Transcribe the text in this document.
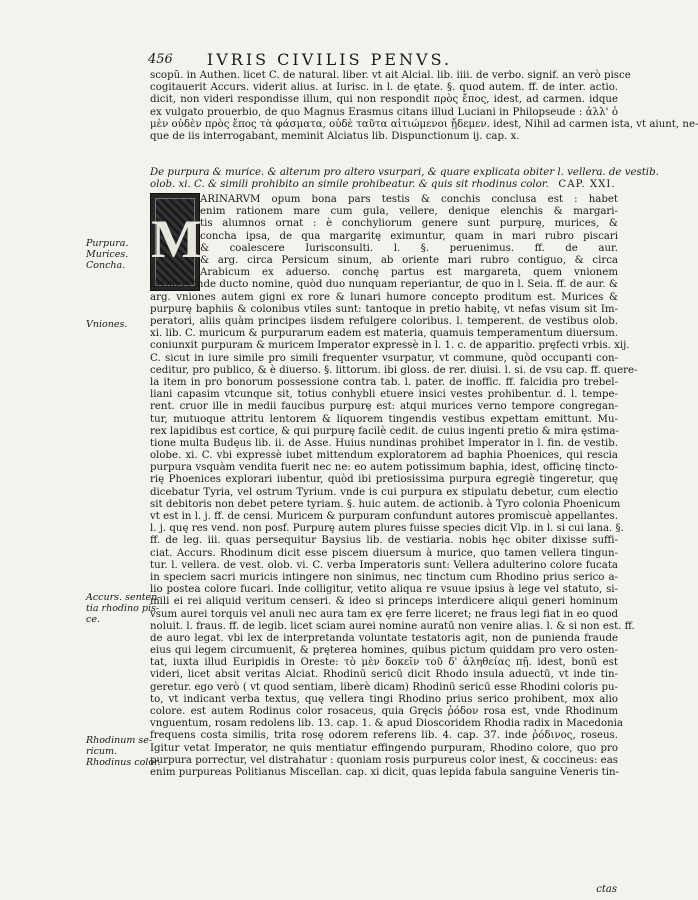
456	IVRIS CIVILIS PENVS.
scopũ. in Authen. licet C. de natural. liber. vt ait Alcial. lib. iiii. de verbo. signif. an verò pisce
cogitauerit Accurs. viderit alius. at Iurisc. in l. de ętate. §. quod autem. ff. de inter. actio.
dicit, non videri respondisse illum, qui non respondit πρὸς ἔπος, idest, ad carmen. idque
ex vulgato prouerbio, de quo Magnus Erasmus citans illud Luciani in Philopseude : ἀλλ' ὁ
μὲν οὐδὲν πρὸς ἔπος τὰ φάσματα, οὐδὲ ταῦτα αἰτιώμενοι ᾔδεμεν. idest, Nihil ad carmen ista, vt aiunt, ne-
que de iis interrogabant, meminit Alciatus lib. Dispunctionum ij. cap. x.
De purpura & murice. & alterum pro altero vsurpari, & quare explicata obiter l. vellera. de vestib.
olob. xi. C. & simili prohibito an simile prohibeatur. & quis sit rhodinus color. CAP. XXI.
M
ARINARVM opum bona pars testis & conchis conclusa est : habet
enim rationem mare cum gula, vellere, denique elenchis & margari-
tis alumnos ornat : è conchyliorum genere sunt purpurę, murices, &
concha ipsa, de qua margaritę eximuntur, quam in mari rubro piscari
& coalescere Iurisconsulti. l. §. peruenimus. ff. de aur.
& arg. circa Persicum sinum, ab oriente mari rubro contiguo, & circa
Arabicum ex aduerso. conchę partus est margareta, quem vnionem
diximus inde ducto nomine, quòd duo nunquam reperiantur, de quo in l. Seia. ff. de aur. &
arg. vniones autem gigni ex rore & lunari humore concepto proditum est. Murices &
purpurę baphiis & colonibus vtiles sunt: tantoque in pretio habitę, vt nefas visum sit Im-
peratori, aliis quàm principes iisdem refulgere coloribus. l. temperent. de vestibus olob.
xi. lib. C. muricum & purpurarum eadem est materia, quamuis temperamentum diuersum.
coniunxit purpuram & muricem Imperator expressè in l. 1. c. de apparitio. pręfecti vrbis. xij.
C. sicut in iure simile pro simili frequenter vsurpatur, vt commune, quòd occupanti con-
ceditur, pro publico, & è diuerso. §. littorum. ibi gloss. de rer. diuisi. l. si. de vsu cap. ff. quere-
la item in pro bonorum possessione contra tab. l. pater. de inoffic. ff. falcidia pro trebel-
liani capasim vtcunque sit, totius conhybli etuere insici vestes prohibentur. d. l. tempe-
rent. cruor ille in medii faucibus purpurę est: atqui murices verno tempore congregan-
tur, mutuoque attritu lentorem & liquorem tingendis vestibus expettam emittunt. Mu-
rex lapidibus est cortice, & qui purpurę facilè cedit. de cuius ingenti pretio & mira ęstima-
tione multa Budęus lib. ii. de Asse. Huius nundinas prohibet Imperator in l. fin. de vestib.
olobe. xi. C. vbi expressè iubet mittendum exploratorem ad baphia Phoenices, qui rescia
purpura vsquàm vendita fuerit nec ne: eo autem potissimum baphia, idest, officinę tincto-
rię Phoenices explorari iubentur, quòd ibi pretiosissima purpura egregiè tingeretur, quę
dicebatur Tyria, vel ostrum Tyrium. vnde is cui purpura ex stipulatu debetur, cum electio
sit debitoris non debet petere tyriam. §. huic autem. de actionib. à Tyro colonia Phoenicum
vt est in l. j. ff. de censi. Muricem & purpuram confundunt autores promiscuè appellantes.
l. j. quę res vend. non posf. Purpurę autem plures fuisse species dicit Vlp. in l. si cui lana. §.
ff. de leg. iii. quas persequitur Baysius lib. de vestiaria. nobis hęc obiter dixisse suffi-
ciat. Accurs. Rhodinum dicit esse piscem diuersum à murice, quo tamen vellera tingun-
tur. l. vellera. de vest. olob. vi. C. verba Imperatoris sunt: Vellera adulterino colore fucata
in speciem sacri muricis intingere non sinimus, nec tinctum cum Rhodino prius serico a-
lio postea colore fucari. Inde colligitur, vetito aliqua re vsuue ipsius à lege vel statuto, si-
mili ei rei aliquid veritum censeri. & ideo si princeps interdicere aliqui generi hominum
vsum aurei torquis vel anuli nec aura tam ex ęre ferre liceret; ne fraus legi fiat in eo quod
noluit. l. fraus. ff. de legib. licet sciam aurei nomine auratū non venire alias. l. & si non est. ff.
de auro legat. vbi lex de interpretanda voluntate testatoris agit, non de punienda fraude
eius qui legem circumuenit, & pręterea homines, quibus pictum quiddam pro vero osten-
tat, iuxta illud Euripidis in Oreste: τὸ μὲν δοκεῖν τοῦ δ' ἀληθείας πῇ. idest, bonū est
videri, licet absit veritas Alciat. Rhodinū sericū dicit Rhodo insula aduectū, vt inde tin-
geretur. ego verò ( vt quod sentiam, liberè dicam) Rhodinū sericū esse Rhodini coloris pu-
to, vt indicant verba textus, quę vellera tingi Rhodino prius serico prohibent, mox alio
colore. est autem Rodinus color rosaceus, quia Gręcis ῥόδον rosa est, vnde Rhodinum
vnguentum, rosam redolens lib. 13. cap. 1. & apud Dioscoridem Rhodia radix in Macedonia
frequens costa similis, trita rosę odorem referens lib. 4. cap. 37. inde ῥόδινος, roseus.
Igitur vetat Imperator, ne quis mentiatur effingendo purpuram, Rhodino colore, quo pro
purpura porrectur, vel distrahatur : quoniam rosis purpureus color inest, & coccineus: eas
enim purpureas Politianus Miscellan. cap. xi dicit, quas lepida fabula sanguine Veneris tin-
ctas
Purpura.
Murices.
Concha.
Vniones.
Accurs. senten-
tia rhodino pis-
ce.
Rhodinum se-
ricum.
Rhodinus color.
